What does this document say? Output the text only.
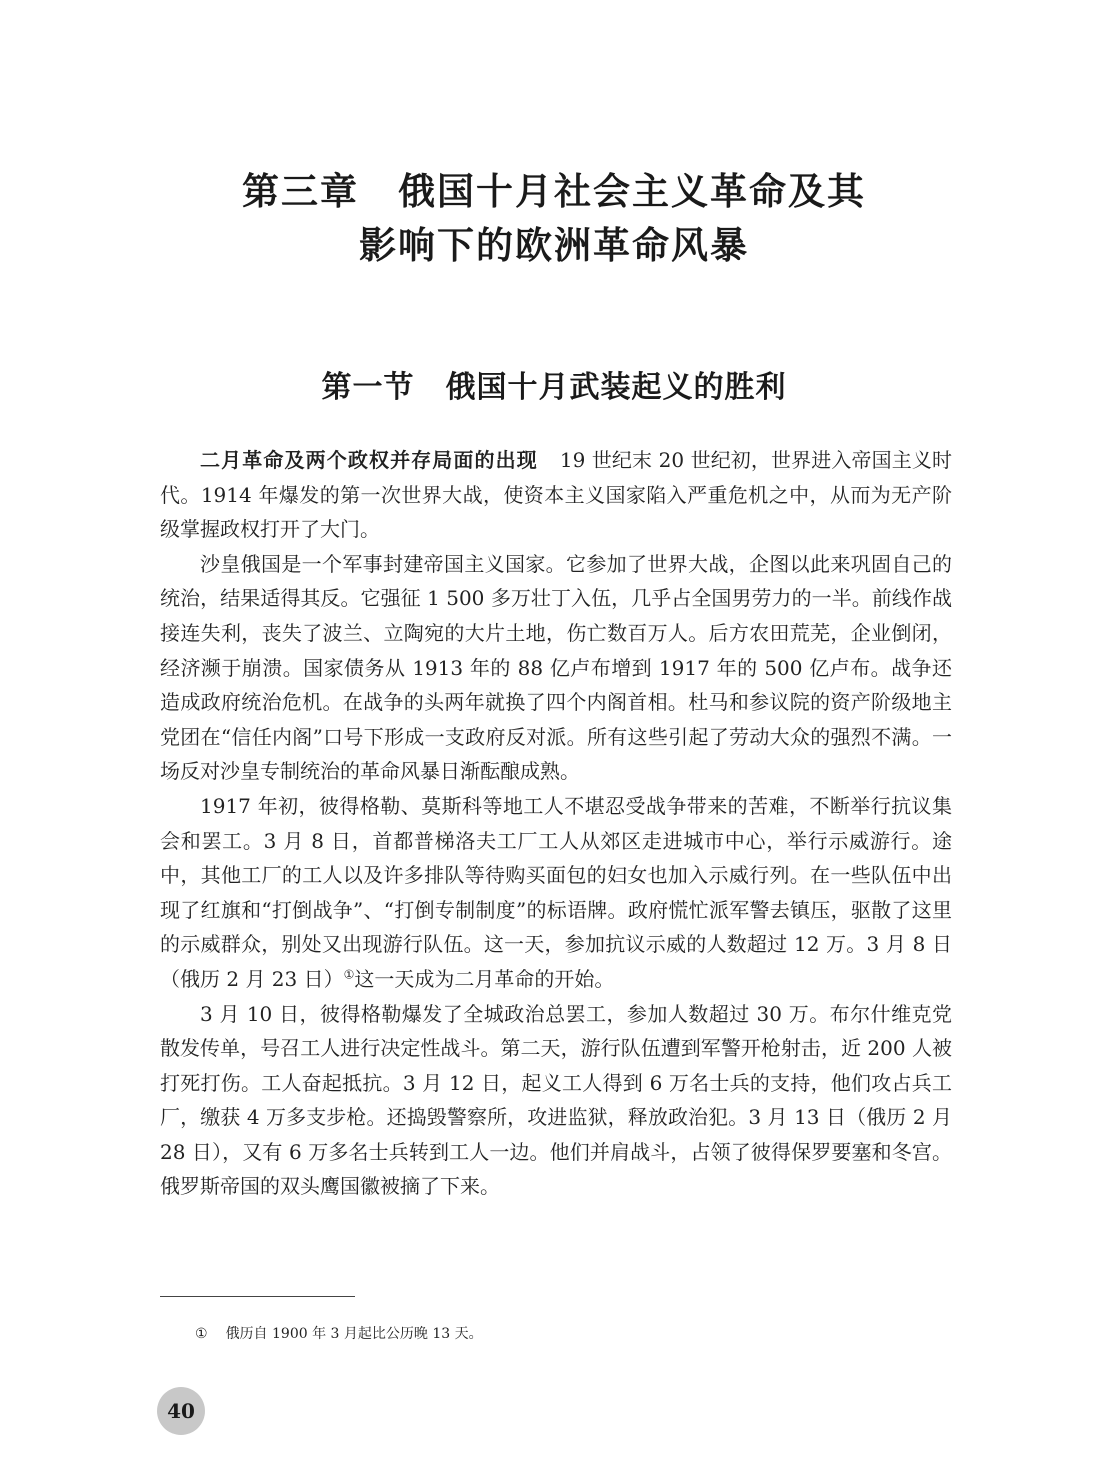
第三章　俄国十月社会主义革命及其
影响下的欧洲革命风暴
第一节　俄国十月武装起义的胜利

二月革命及两个政权并存局面的出现 19 世纪末 20 世纪初，世界进入帝国主义时代。1914 年爆发的第一次世界大战，使资本主义国家陷入严重危机之中，从而为无产阶级掌握政权打开了大门。

沙皇俄国是一个军事封建帝国主义国家。它参加了世界大战，企图以此来巩固自己的统治，结果适得其反。它强征 1 500 多万壮丁入伍，几乎占全国男劳力的一半。前线作战接连失利，丧失了波兰、立陶宛的大片土地，伤亡数百万人。后方农田荒芜，企业倒闭，经济濒于崩溃。国家债务从 1913 年的 88 亿卢布增到 1917 年的 500 亿卢布。战争还造成政府统治危机。在战争的头两年就换了四个内阁首相。杜马和参议院的资产阶级地主党团在“信任内阁”口号下形成一支政府反对派。所有这些引起了劳动大众的强烈不满。一场反对沙皇专制统治的革命风暴日渐酝酿成熟。

1917 年初，彼得格勒、莫斯科等地工人不堪忍受战争带来的苦难，不断举行抗议集会和罢工。3 月 8 日，首都普梯洛夫工厂工人从郊区走进城市中心，举行示威游行。途中，其他工厂的工人以及许多排队等待购买面包的妇女也加入示威行列。在一些队伍中出现了红旗和“打倒战争”、“打倒专制制度”的标语牌。政府慌忙派军警去镇压，驱散了这里的示威群众，别处又出现游行队伍。这一天，参加抗议示威的人数超过 12 万。3 月 8 日（俄历 2 月 23 日）①这一天成为二月革命的开始。

3 月 10 日，彼得格勒爆发了全城政治总罢工，参加人数超过 30 万。布尔什维克党散发传单，号召工人进行决定性战斗。第二天，游行队伍遭到军警开枪射击，近 200 人被打死打伤。工人奋起抵抗。3 月 12 日，起义工人得到 6 万名士兵的支持，他们攻占兵工厂，缴获 4 万多支步枪。还捣毁警察所，攻进监狱，释放政治犯。3 月 13 日（俄历 2 月 28 日），又有 6 万多名士兵转到工人一边。他们并肩战斗，占领了彼得保罗要塞和冬宫。俄罗斯帝国的双头鹰国徽被摘了下来。

① 俄历自 1900 年 3 月起比公历晚 13 天。
40
